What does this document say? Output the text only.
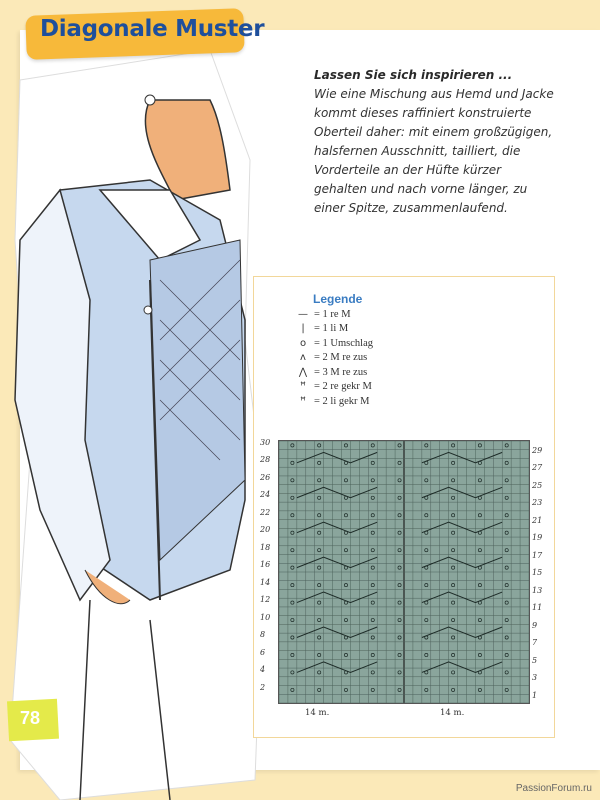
Diagonale Muster
Lassen Sie sich inspirieren ...
Wie eine Mischung aus Hemd und Jacke kommt dieses raffiniert konstruierte Oberteil daher: mit einem großzügigen, halsfernen Ausschnitt, tailliert, die Vorderteile an der Hüfte kürzer gehalten und nach vorne länger, zu einer Spitze, zusammenlaufend.
Legende
— = 1 re M
| = 1 li M
o = 1 Umschlag
ʌ = 2 M re zus
⋀ = 3 M re zus
ꟸ = 2 re gekr M
ꟸ = 2 li gekr M
30
28
26
24
22
20
18
16
14
12
10
8
6
4
2
29
27
25
23
21
19
17
15
13
11
9
7
5
3
1
14 m.	14 m.
78
PassionForum.ru
